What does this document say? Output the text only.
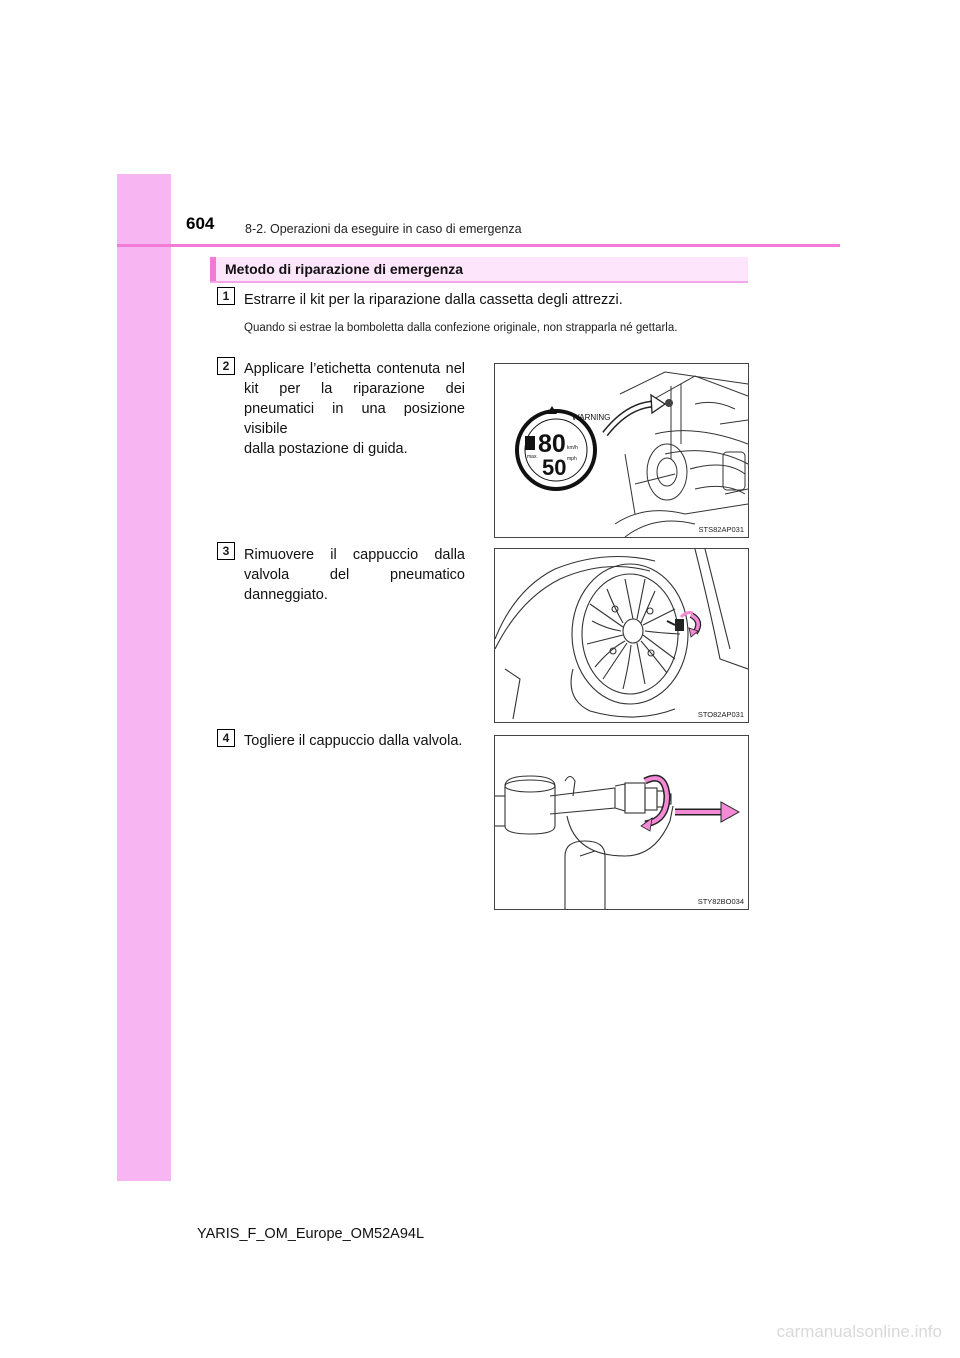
604 8-2. Operazioni da eseguire in caso di emergenza
Metodo di riparazione di emergenza
1	Estrarre il kit per la riparazione dalla cassetta degli attrezzi.
Quando si estrae la bomboletta dalla confezione originale, non strapparla né gettarla.
2	Applicare l’etichetta contenuta nel
kit per la riparazione dei
pneumatici in una posizione visibile
dalla postazione di guida.
WARNING
80
50
km/h
mph
max.
STS82AP031
3	Rimuovere il cappuccio dalla
valvola del pneumatico
danneggiato.
STO82AP031
4	Togliere il cappuccio dalla valvola.
STY82BO034
YARIS_F_OM_Europe_OM52A94L
carmanualsonline.info
